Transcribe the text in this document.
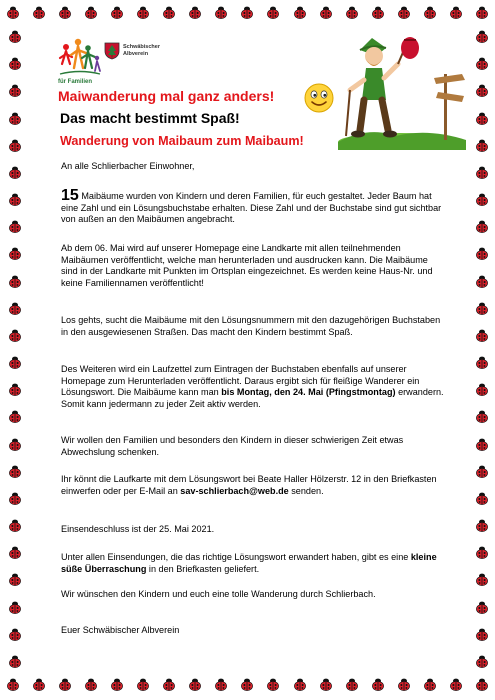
für Familien
Schwäbischer
Albverein
Maiwanderung mal ganz anders!
Das macht bestimmt Spaß!
Wanderung von Maibaum zum Maibaum!
An alle Schlierbacher Einwohner,
15 Maibäume wurden von Kindern und deren Familien, für euch gestaltet. Jeder Baum hat eine Zahl und ein Lösungsbuchstabe erhalten. Diese Zahl und der Buchstabe sind gut sichtbar von außen an den Maibäumen angebracht.
Ab dem 06. Mai wird auf unserer Homepage eine Landkarte mit allen teilnehmenden Maibäumen veröffentlicht, welche man herunterladen und ausdrucken kann. Die Maibäume sind in der Landkarte mit Punkten im Ortsplan eingezeichnet. Es werden keine Haus-Nr. und keine Familiennamen veröffentlicht!
Los gehts, sucht die Maibäume mit den Lösungsnummern mit den dazugehörigen Buchstaben in den ausgewiesenen Straßen. Das macht den Kindern bestimmt Spaß.
Des Weiteren wird ein Laufzettel zum Eintragen der Buchstaben ebenfalls auf unserer Homepage zum Herunterladen veröffentlicht. Daraus ergibt sich für fleißige Wanderer ein Lösungswort. Die Maibäume kann man bis Montag, den 24. Mai (Pfingstmontag) erwandern. Somit kann jedermann zu jeder Zeit aktiv werden.
Wir wollen den Familien und besonders den Kindern in dieser schwierigen Zeit etwas Abwechslung schenken.
Ihr könnt die Laufkarte mit dem Lösungswort bei Beate Haller Hölzerstr. 12 in den Briefkasten einwerfen oder per E-Mail an sav-schlierbach@web.de senden.
Einsendeschluss ist der 25. Mai 2021.
Unter allen Einsendungen, die das richtige Lösungswort erwandert haben, gibt es eine kleine süße Überraschung in den Briefkasten geliefert.
Wir wünschen den Kindern und euch eine tolle Wanderung durch Schlierbach.
Euer Schwäbischer Albverein
